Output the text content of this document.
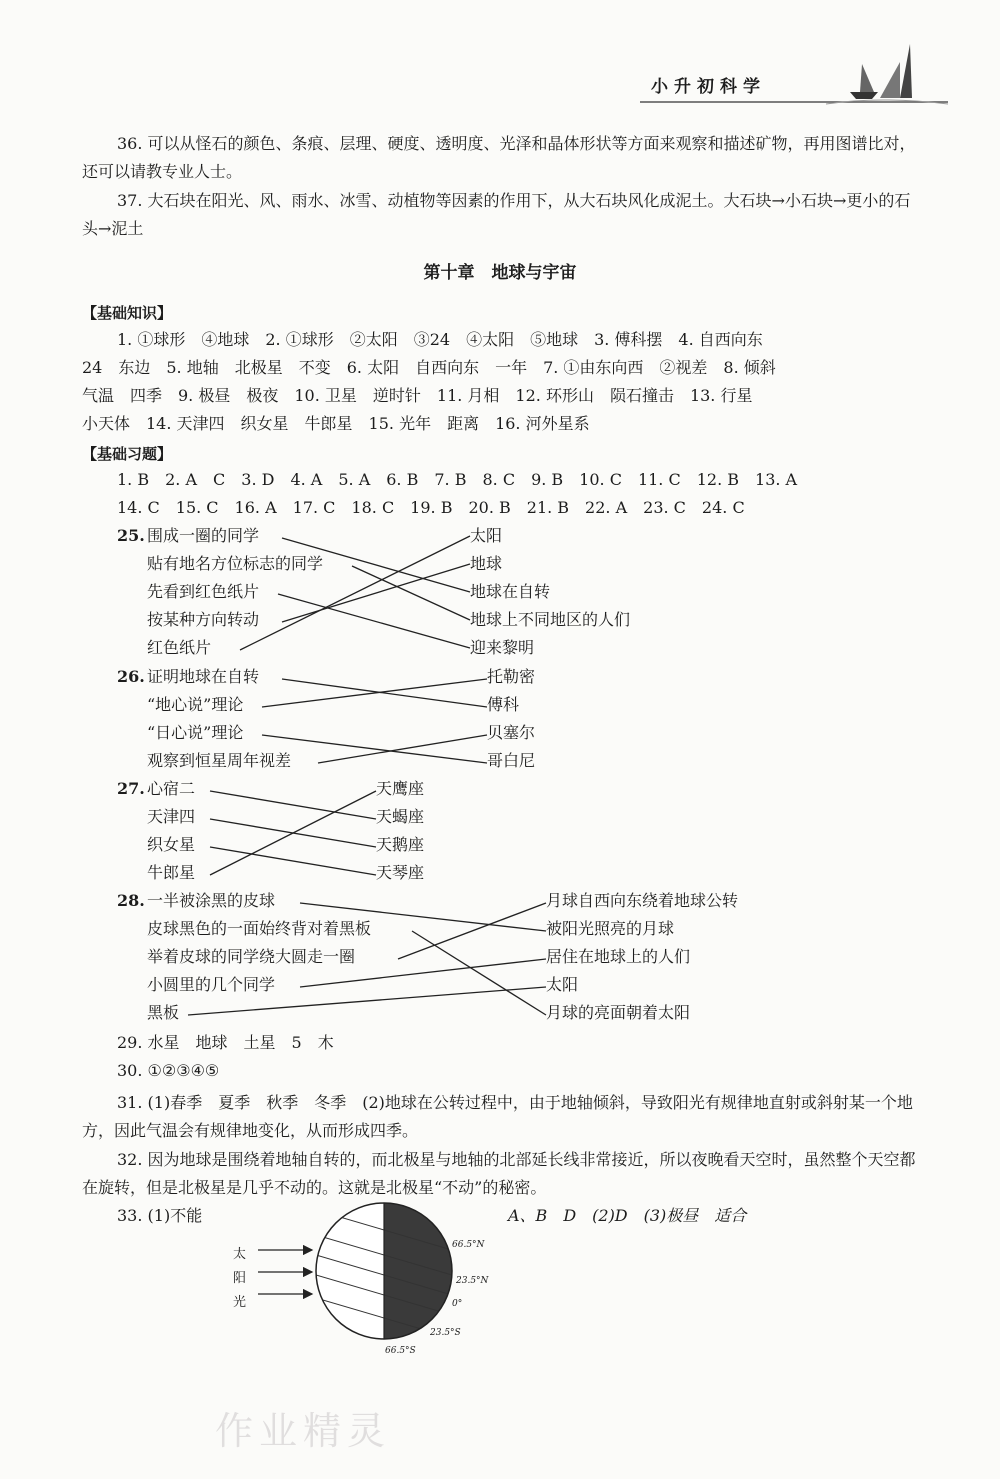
小升初科学
36. 可以从怪石的颜色、条痕、层理、硬度、透明度、光泽和晶体形状等方面来观察和描述矿物，再用图谱比对，还可以请教专业人士。
37. 大石块在阳光、风、雨水、冰雪、动植物等因素的作用下，从大石块风化成泥土。大石块→小石块→更小的石头→泥土
第十章　地球与宇宙
【基础知识】
1. ①球形　④地球　2. ①球形　②太阳　③24　④太阳　⑤地球　3. 傅科摆　4. 自西向东
24　东边　5. 地轴　北极星　不变　6. 太阳　自西向东　一年　7. ①由东向西　②视差　8. 倾斜
气温　四季　9. 极昼　极夜　10. 卫星　逆时针　11. 月相　12. 环形山　陨石撞击　13. 行星
小天体　14. 天津四　织女星　牛郎星　15. 光年　距离　16. 河外星系
【基础习题】
1. B　2. A　C　3. D　4. A　5. A　6. B　7. B　8. C　9. B　10. C　11. C　12. B　13. A
14. C　15. C　16. A　17. C　18. C　19. B　20. B　21. B　22. A　23. C　24. C
25. 围成一圈的同学
贴有地名方位标志的同学
先看到红色纸片
按某种方向转动
红色纸片
太阳
地球
地球在自转
地球上不同地区的人们
迎来黎明
26. 证明地球在自转
“地心说”理论
“日心说”理论
观察到恒星周年视差
托勒密
傅科
贝塞尔
哥白尼
27. 心宿二
天津四
织女星
牛郎星
天鹰座
天蝎座
天鹅座
天琴座
28. 一半被涂黑的皮球
皮球黑色的一面始终背对着黑板
举着皮球的同学绕大圆走一圈
小圆里的几个同学
黑板
月球自西向东绕着地球公转
被阳光照亮的月球
居住在地球上的人们
太阳
月球的亮面朝着太阳
29. 水星　地球　土星　5　木
30. ①②③④⑤
31. (1)春季　夏季　秋季　冬季　(2)地球在公转过程中，由于地轴倾斜，导致阳光有规律地直射或斜射某一个地方，因此气温会有规律地变化，从而形成四季。
32. 因为地球是围绕着地轴自转的，而北极星与地轴的北部延长线非常接近，所以夜晚看天空时，虽然整个天空都在旋转，但是北极星是几乎不动的。这就是北极星“不动”的秘密。
33. (1)不能	A、B　D　(2)D　(3)极昼　适合
太
阳
光
66.5°N
23.5°N
0°
23.5°S
66.5°S
作业精灵
